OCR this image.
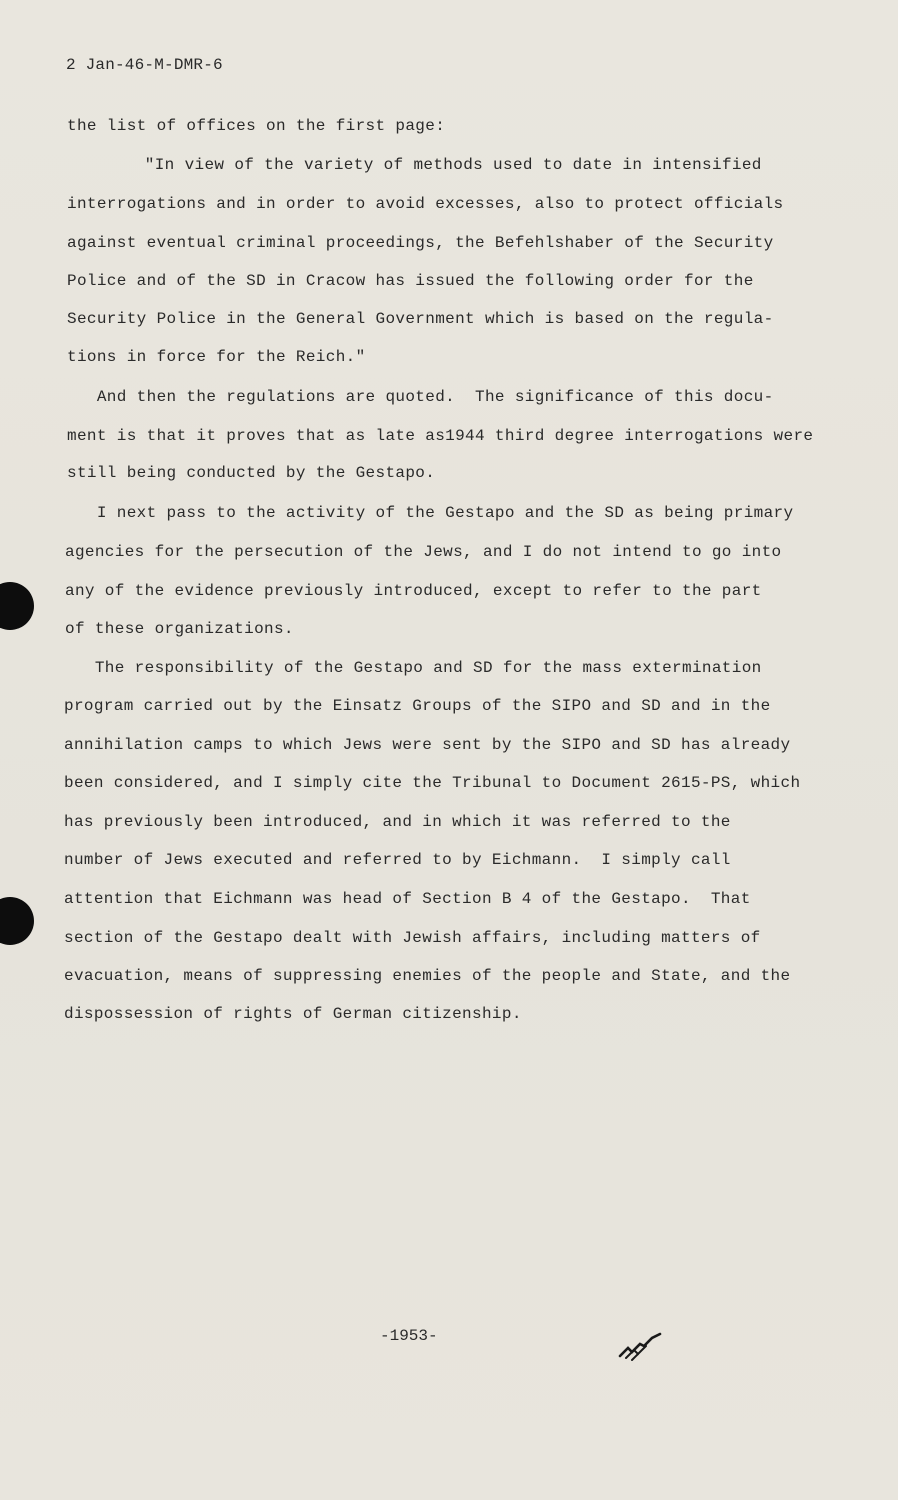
2 Jan-46-M-DMR-6
the list of offices on the first page:
"In view of the variety of methods used to date in intensified
interrogations and in order to avoid excesses, also to protect officials
against eventual criminal proceedings, the Befehlshaber of the Security
Police and of the SD in Cracow has issued the following order for the
Security Police in the General Government which is based on the regula-
tions in force for the Reich."
And then the regulations are quoted.  The significance of this docu-
ment is that it proves that as late as1944 third degree interrogations were
still being conducted by the Gestapo.
I next pass to the activity of the Gestapo and the SD as being primary
agencies for the persecution of the Jews, and I do not intend to go into
any of the evidence previously introduced, except to refer to the part
of these organizations.
The responsibility of the Gestapo and SD for the mass extermination
program carried out by the Einsatz Groups of the SIPO and SD and in the
annihilation camps to which Jews were sent by the SIPO and SD has already
been considered, and I simply cite the Tribunal to Document 2615-PS, which
has previously been introduced, and in which it was referred to the
number of Jews executed and referred to by Eichmann.  I simply call
attention that Eichmann was head of Section B 4 of the Gestapo.  That
section of the Gestapo dealt with Jewish affairs, including matters of
evacuation, means of suppressing enemies of the people and State, and the
dispossession of rights of German citizenship.
-1953-
